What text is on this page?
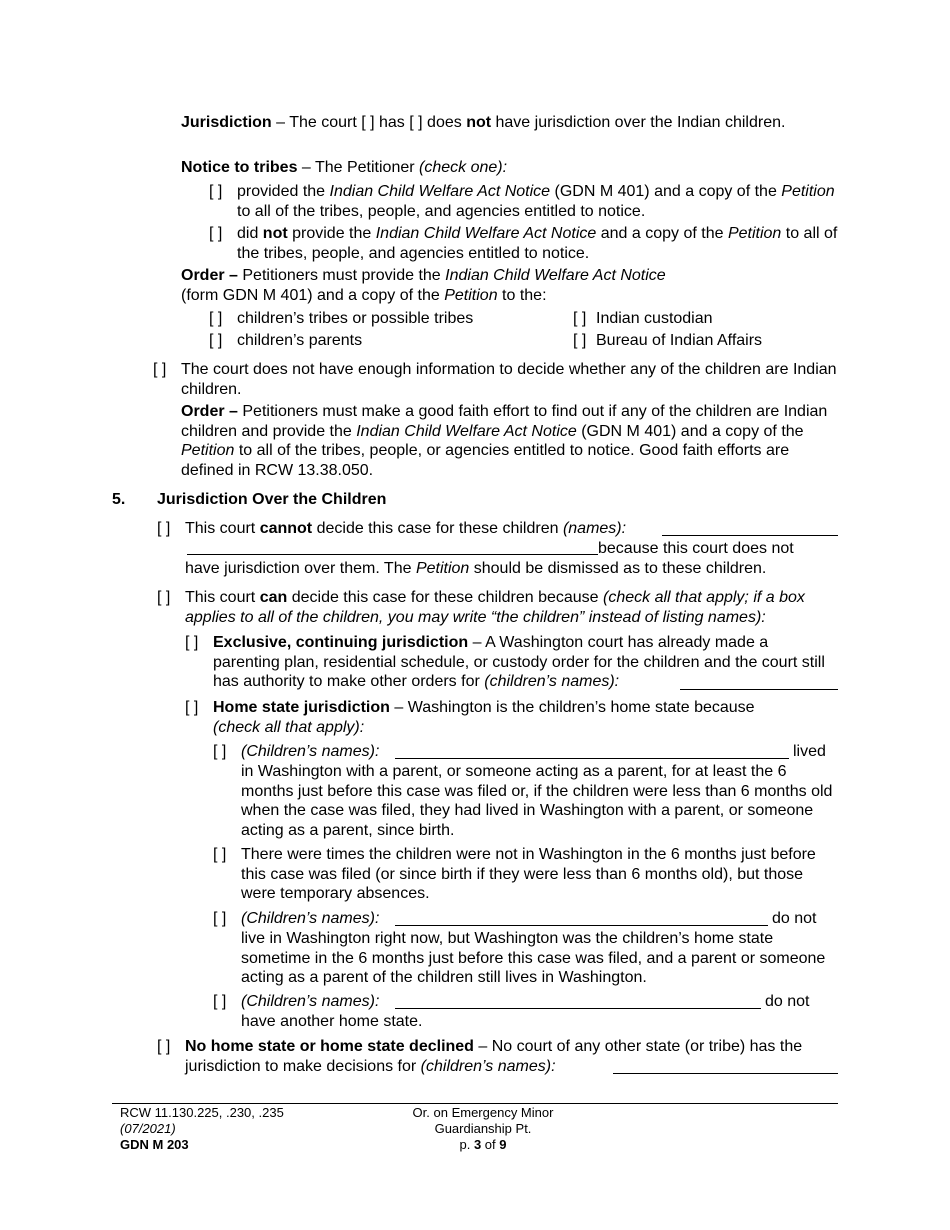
Jurisdiction – The court [ ] has [ ] does not have jurisdiction over the Indian children.
Notice to tribes – The Petitioner (check one):
[ ] provided the Indian Child Welfare Act Notice (GDN M 401) and a copy of the Petition to all of the tribes, people, and agencies entitled to notice.
[ ] did not provide the Indian Child Welfare Act Notice and a copy of the Petition to all of the tribes, people, and agencies entitled to notice.
Order – Petitioners must provide the Indian Child Welfare Act Notice
(form GDN M 401) and a copy of the Petition to the:
[ ] children’s tribes or possible tribes	[ ] Indian custodian
[ ] children’s parents	[ ] Bureau of Indian Affairs
[ ] The court does not have enough information to decide whether any of the children are Indian children.
Order – Petitioners must make a good faith effort to find out if any of the children are Indian children and provide the Indian Child Welfare Act Notice (GDN M 401) and a copy of the Petition to all of the tribes, people, or agencies entitled to notice. Good faith efforts are defined in RCW 13.38.050.
5. Jurisdiction Over the Children
[ ] This court cannot decide this case for these children (names):
because this court does not
have jurisdiction over them. The Petition should be dismissed as to these children.
[ ] This court can decide this case for these children because (check all that apply; if a box applies to all of the children, you may write “the children” instead of listing names):
[ ] Exclusive, continuing jurisdiction – A Washington court has already made a parenting plan, residential schedule, or custody order for the children and the court still has authority to make other orders for (children’s names):
[ ] Home state jurisdiction – Washington is the children’s home state because
(check all that apply):
[ ] (Children’s names):	lived
in Washington with a parent, or someone acting as a parent, for at least the 6 months just before this case was filed or, if the children were less than 6 months old when the case was filed, they had lived in Washington with a parent, or someone acting as a parent, since birth.
[ ] There were times the children were not in Washington in the 6 months just before this case was filed (or since birth if they were less than 6 months old), but those were temporary absences.
[ ] (Children’s names):	do not
live in Washington right now, but Washington was the children’s home state sometime in the 6 months just before this case was filed, and a parent or someone acting as a parent of the children still lives in Washington.
[ ] (Children’s names):	do not
have another home state.
[ ] No home state or home state declined – No court of any other state (or tribe) has the jurisdiction to make decisions for (children’s names):
RCW 11.130.225, .230, .235
(07/2021)
GDN M 203
Or. on Emergency Minor
Guardianship Pt.
p. 3 of 9
